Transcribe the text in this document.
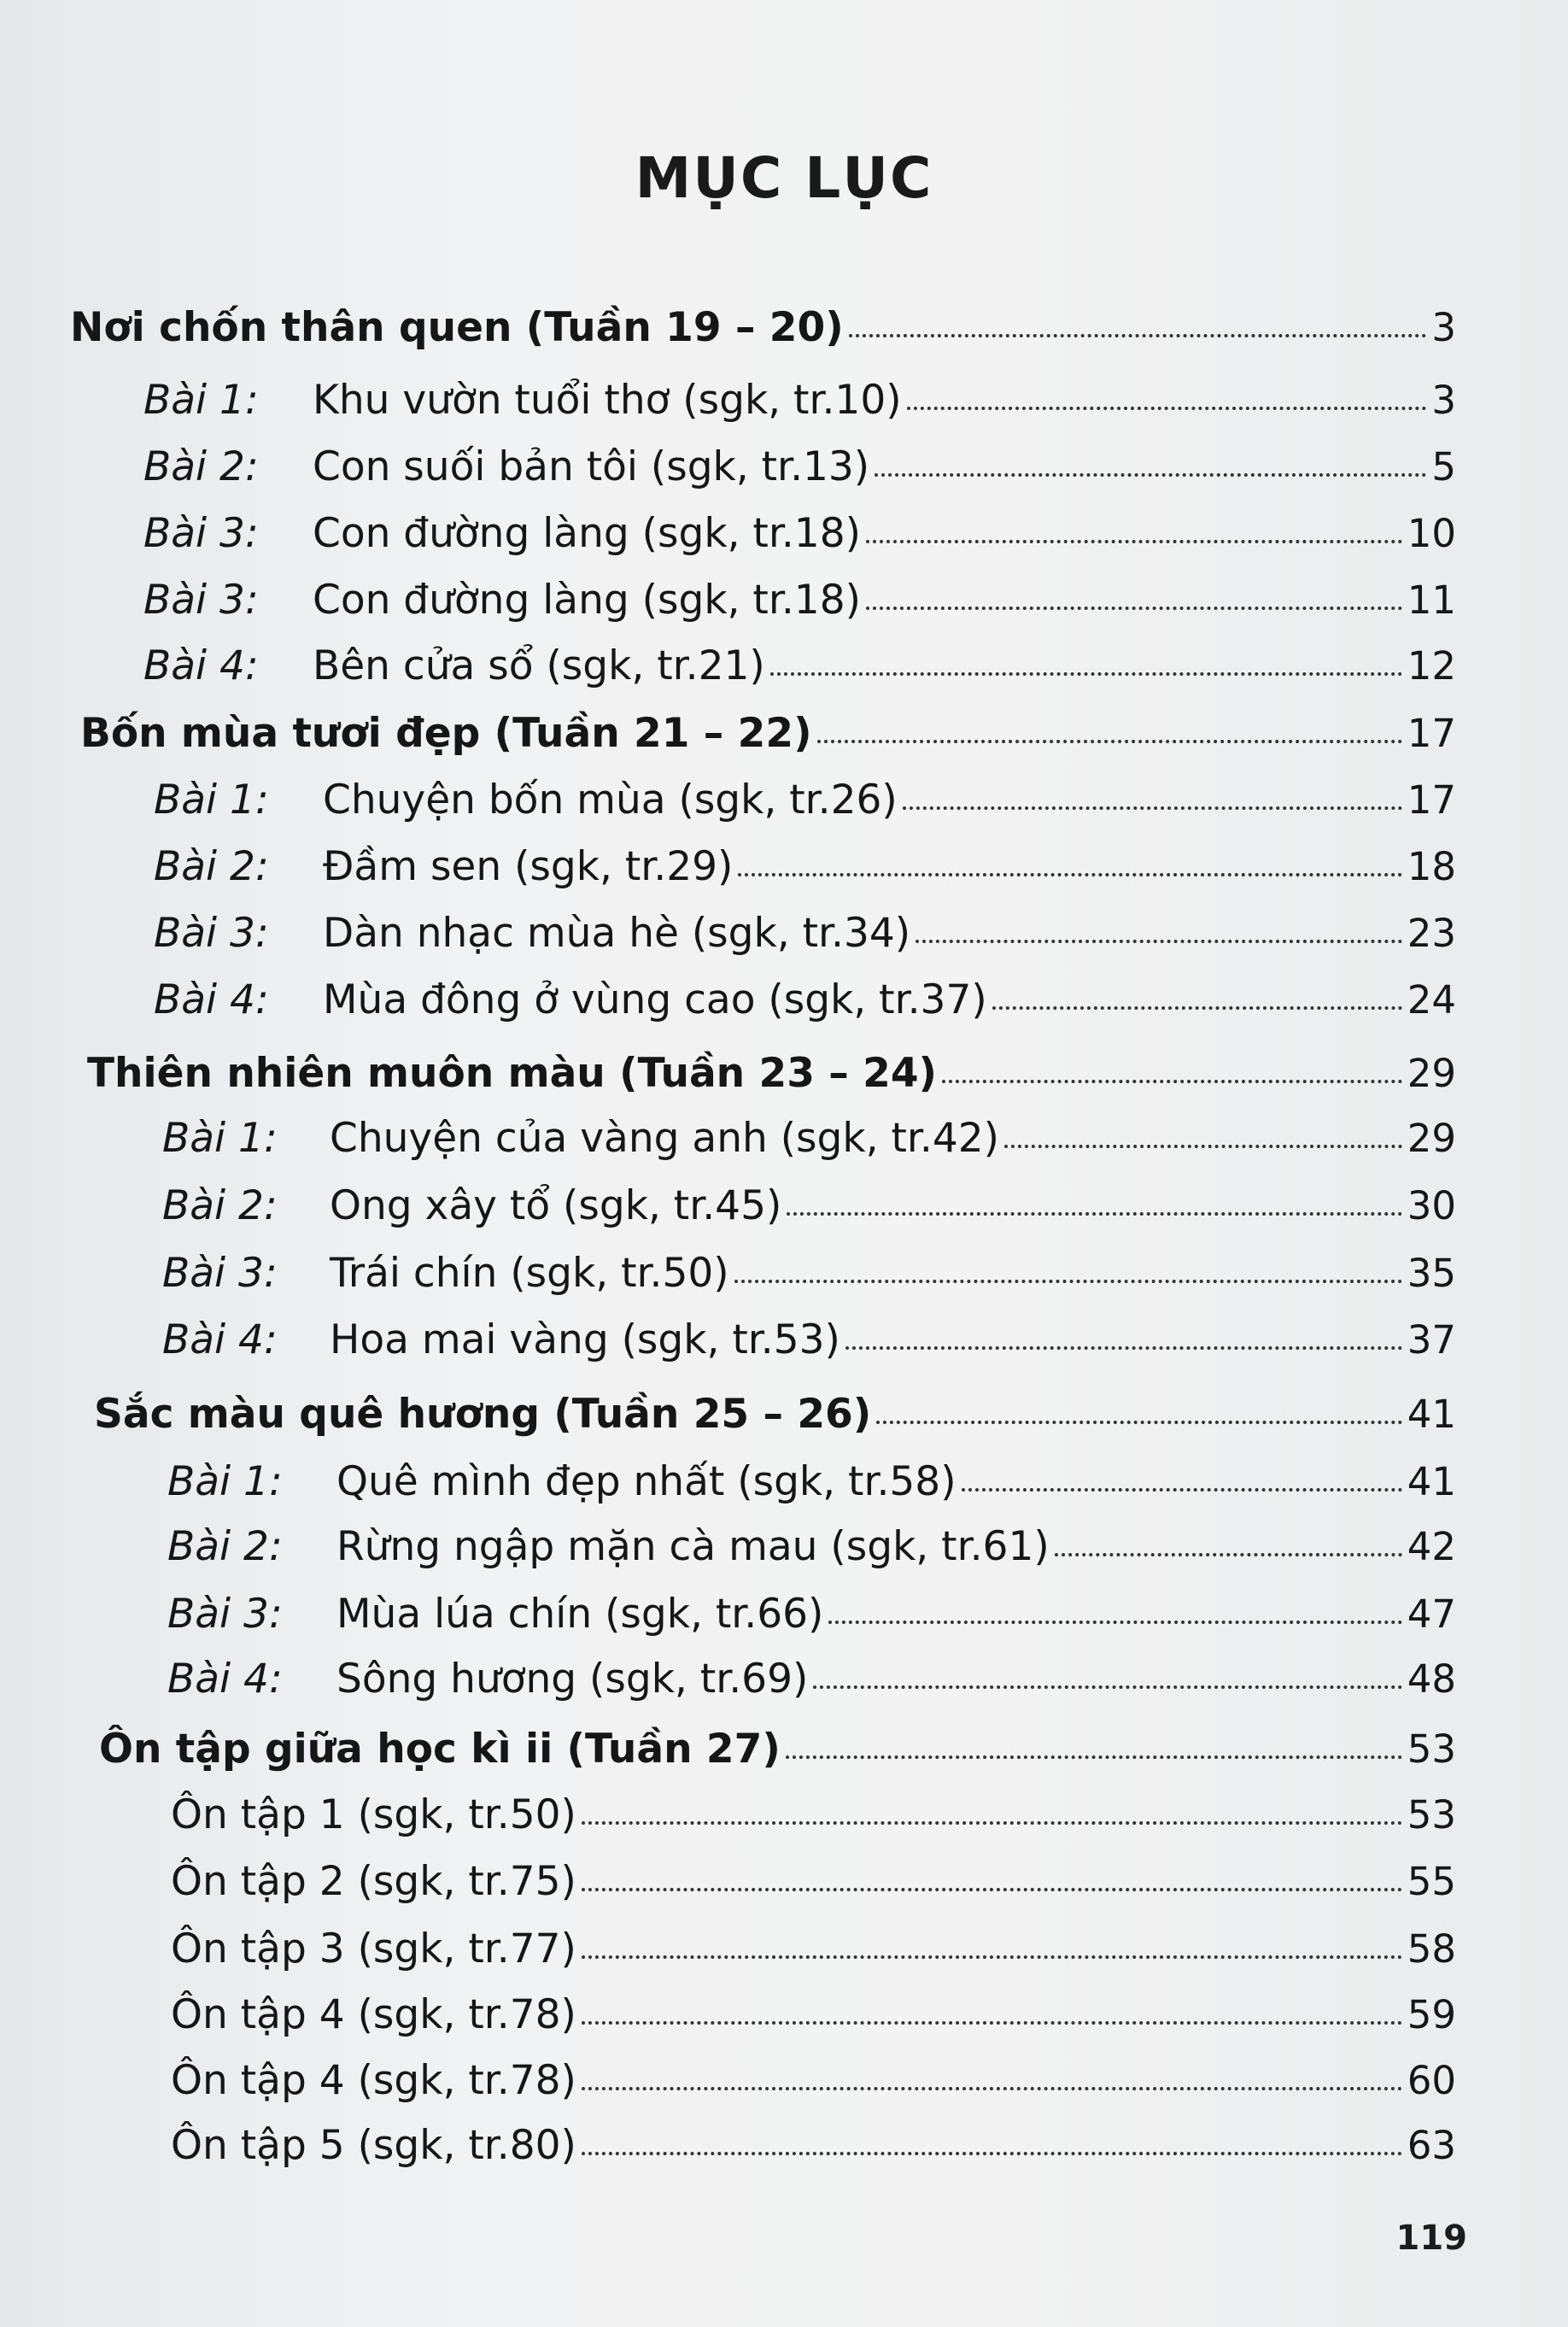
MỤC LỤC
Nơi chốn thân quen (Tuần 19 – 20)	3
Bài 1:	Khu vườn tuổi thơ (sgk, tr.10)	3
Bài 2:	Con suối bản tôi (sgk, tr.13)	5
Bài 3:	Con đường làng (sgk, tr.18)	10
Bài 3:	Con đường làng (sgk, tr.18)	11
Bài 4:	Bên cửa sổ (sgk, tr.21)	12
Bốn mùa tươi đẹp (Tuần 21 – 22)	17
Bài 1:	Chuyện bốn mùa (sgk, tr.26)	17
Bài 2:	Đầm sen (sgk, tr.29)	18
Bài 3:	Dàn nhạc mùa hè (sgk, tr.34)	23
Bài 4:	Mùa đông ở vùng cao (sgk, tr.37)	24
Thiên nhiên muôn màu (Tuần 23 – 24)	29
Bài 1:	Chuyện của vàng anh (sgk, tr.42)	29
Bài 2:	Ong xây tổ (sgk, tr.45)	30
Bài 3:	Trái chín (sgk, tr.50)	35
Bài 4:	Hoa mai vàng (sgk, tr.53)	37
Sắc màu quê hương (Tuần 25 – 26)	41
Bài 1:	Quê mình đẹp nhất (sgk, tr.58)	41
Bài 2:	Rừng ngập mặn cà mau (sgk, tr.61)	42
Bài 3:	Mùa lúa chín (sgk, tr.66)	47
Bài 4:	Sông hương (sgk, tr.69)	48
Ôn tập giữa học kì ii (Tuần 27)	53
Ôn tập 1 (sgk, tr.50)	53
Ôn tập 2 (sgk, tr.75)	55
Ôn tập 3 (sgk, tr.77)	58
Ôn tập 4 (sgk, tr.78)	59
Ôn tập 4 (sgk, tr.78)	60
Ôn tập 5 (sgk, tr.80)	63
119
